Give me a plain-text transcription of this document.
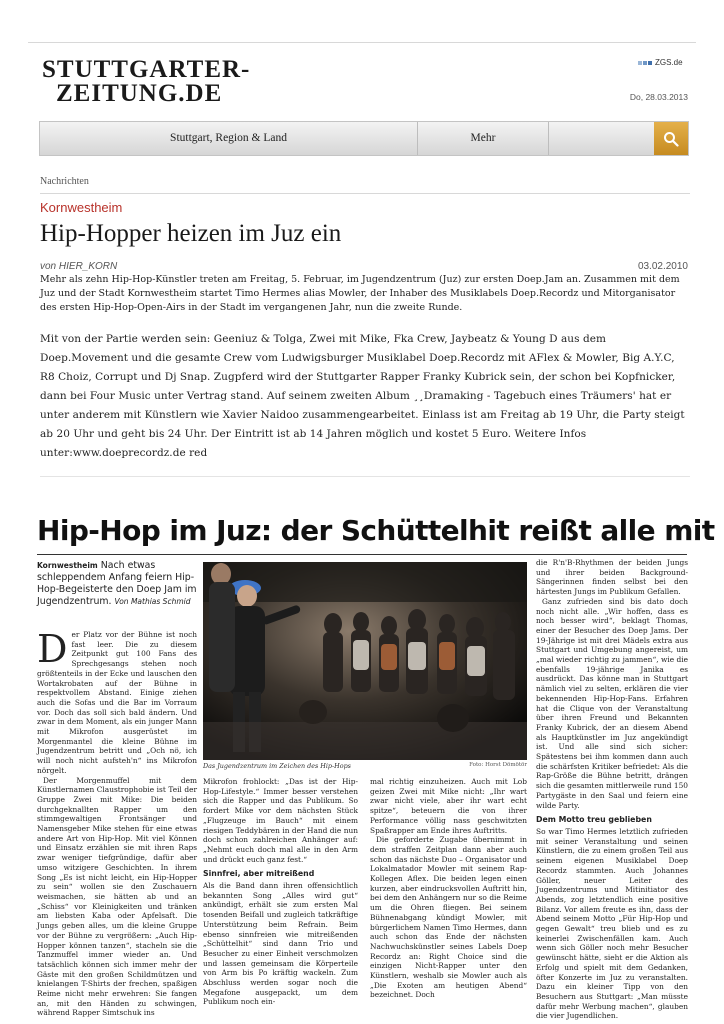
STUTTGARTER-
ZEITUNG.DE
ZGS.de
Do, 28.03.2013
Stuttgart, Region & Land	Mehr
Nachrichten
Kornwestheim
Hip-Hopper heizen im Juz ein
von HIER_KORN	03.02.2010
Mehr als zehn Hip-Hop-Künstler treten am Freitag, 5. Februar, im Jugendzentrum (Juz) zur ersten Doep.Jam an. Zusammen mit dem Juz und der Stadt Kornwestheim startet Timo Hermes alias Mowler, der Inhaber des Musiklabels Doep.Recordz und Mitorganisator des ersten Hip-Hop-Open-Airs in der Stadt im vergangenen Jahr, nun die zweite Runde.
Mit von der Partie werden sein: Geeniuz & Tolga, Zwei mit Mike, Fka Crew, Jaybeatz & Young D aus dem Doep.Movement und die gesamte Crew vom Ludwigsburger Musiklabel Doep.Recordz mit AFlex & Mowler, Big A.Y.C, R8 Choiz, Corrupt und Dj Snap. Zugpferd wird der Stuttgarter Rapper Franky Kubrick sein, der schon bei Kopfnicker, dann bei Four Music unter Vertrag stand. Auf seinem zweiten Album ¸¸Dramaking - Tagebuch eines Träumers' hat er unter anderem mit Künstlern wie Xavier Naidoo zusammengearbeitet. Einlass ist am Freitag ab 19 Uhr, die Party steigt ab 20 Uhr und geht bis 24 Uhr. Der Eintritt ist ab 14 Jahren möglich und kostet 5 Euro. Weitere Infos unter:www.doeprecordz.de red
Hip-Hop im Juz: der Schüttelhit reißt alle mit
Kornwestheim Nach etwas schleppendem Anfang feiern Hip-Hop-Begeisterte den Doep Jam im Jugendzentrum. Von Mathias Schmid
D er Platz vor der Bühne ist noch fast leer. Die zu diesem Zeitpunkt gut 100 Fans des Sprechgesangs stehen noch größtenteils in der Ecke und lauschen den Wortakrobaten auf der Bühne in respektvollem Abstand. Einige ziehen auch die Sofas und die Bar im Vorraum vor. Doch das soll sich bald ändern. Und zwar in dem Moment, als ein junger Mann mit Mikrofon ausgerüstet im Morgenmantel die kleine Bühne im Jugendzentrum betritt und „Och nö, ich will noch nicht aufsteh'n“ ins Mikrofon nörgelt.

Der Morgenmuffel mit dem Künstlernamen Claustrophobie ist Teil der Gruppe Zwei mit Mike: Die beiden durchgeknallten Rapper um den stimmgewaltigen Frontsänger und Namensgeber Mike stehen für eine etwas andere Art von Hip-Hop. Mit viel Können und Einsatz erzählen sie mit ihren Raps zwar weniger tiefgründige, dafür aber umso witzigere Geschichten. In ihrem Song „Es ist nicht leicht, ein Hip-Hopper zu sein“ wollen sie den Zuschauern weismachen, sie hätten ab und an „Schiss“ vor Kleinigkeiten und tränken am liebsten Kaba oder Apfelsaft. Die Jungs geben alles, um die kleine Gruppe vor der Bühne zu vergrößern: „Auch Hip-Hopper können tanzen“, stacheln sie die Tanzmuffel immer wieder an. Und tatsächlich können sich immer mehr der Gäste mit den großen Schildmützen und knielangen T-Shirts der frechen, spaßigen Reime nicht mehr erwehren: Sie fangen an, mit den Händen zu schwingen, während Rapper Simtschuk ins

Das Jugendzentrum im Zeichen des Hip-Hops	Foto: Horst Dömötör

Mikrofon frohlockt: „Das ist der Hip-Hop-Lifestyle.“ Immer besser verstehen sich die Rapper und das Publikum. So fordert Mike vor dem nächsten Stück „Flugzeuge im Bauch“ mit einem riesigen Teddybären in der Hand die nun doch schon zahlreichen Anhänger auf: „Nehmt euch doch mal alle in den Arm und drückt euch ganz fest.“

Sinnfrei, aber mitreißend

Als die Band dann ihren offensichtlich bekannten Song „Alles wird gut“ ankündigt, erhält sie zum ersten Mal tosenden Beifall und zugleich tatkräftige Unterstützung beim Refrain. Beim ebenso sinnfreien wie mitreißenden „Schüttelhit“ sind dann Trio und Besucher zu einer Einheit verschmolzen und lassen gemeinsam die Körperteile von Arm bis Po kräftig wackeln. Zum Abschluss werden sogar noch die Megafone ausgepackt, um dem Publikum noch ein-

mal richtig einzuheizen. Auch mit Lob geizen Zwei mit Mike nicht: „Ihr wart zwar nicht viele, aber ihr wart echt spitze“, beteuern die von ihrer Performance völlig nass geschwitzten Spaßrapper am Ende ihres Auftritts.

Die geforderte Zugabe übernimmt in dem straffen Zeitplan dann aber auch schon das nächste Duo – Organisator und Lokalmatador Mowler mit seinem Rap-Kollegen Aflex. Die beiden legen einen kurzen, aber eindrucksvollen Auftritt hin, bei dem den Anhängern nur so die Reime um die Ohren fliegen. Bei seinem Bühnenabgang kündigt Mowler, mit bürgerlichem Namen Timo Hermes, dann auch schon das Ende der nächsten Nachwuchskünstler seines Labels Doep Recordz an: Right Choice sind die einzigen Nicht-Rapper unter den Künstlern, weshalb sie Mowler auch als „Die Exoten am heutigen Abend“ bezeichnet. Doch

die R'n'B-Rhythmen der beiden Jungs und ihrer beiden Background-Sängerinnen finden selbst bei den härtesten Jungs im Publikum Gefallen.

Ganz zufrieden sind bis dato doch noch nicht alle. „Wir hoffen, dass es noch besser wird“, beklagt Thomas, einer der Besucher des Doep Jams. Der 19-Jährige ist mit drei Mädels extra aus Stuttgart und Umgebung angereist, um „mal wieder richtig zu jammen“, wie die ebenfalls 19-jährige Janika es ausdrückt. Das könne man in Stuttgart nämlich viel zu selten, erklären die vier bekennenden Hip-Hop-Fans. Erfahren hat die Clique von der Veranstaltung über ihren Freund und Bekannten Franky Kubrick, der an diesem Abend als Hauptkünstler im Juz angekündigt ist. Und alle sind sich sicher: Spätestens bei ihm kommen dann auch die schärfsten Kritiker befriedet: Als die Rap-Größe die Bühne betritt, drängen sich die gesamten mittlerweile rund 150 Partygäste in den Saal und feiern eine wilde Party.

Dem Motto treu geblieben

So war Timo Hermes letztlich zufrieden mit seiner Veranstaltung und seinen Künstlern, die zu einem großen Teil aus seinem eigenen Musiklabel Doep Recordz stammten. Auch Johannes Göller, neuer Leiter des Jugendzentrums und Mitinitiator des Abends, zog letztendlich eine positive Bilanz. Vor allem freute es ihn, dass der Abend seinem Motto „Für Hip-Hop und gegen Gewalt“ treu blieb und es zu keinerlei Zwischenfällen kam. Auch wenn sich Göller noch mehr Besucher gewünscht hätte, sieht er die Aktion als Erfolg und spielt mit dem Gedanken, öfter Konzerte im Juz zu veranstalten. Dazu ein kleiner Tipp von den Besuchern aus Stuttgart: „Man müsste dafür mehr Werbung machen“, glauben die vier Jugendlichen.
